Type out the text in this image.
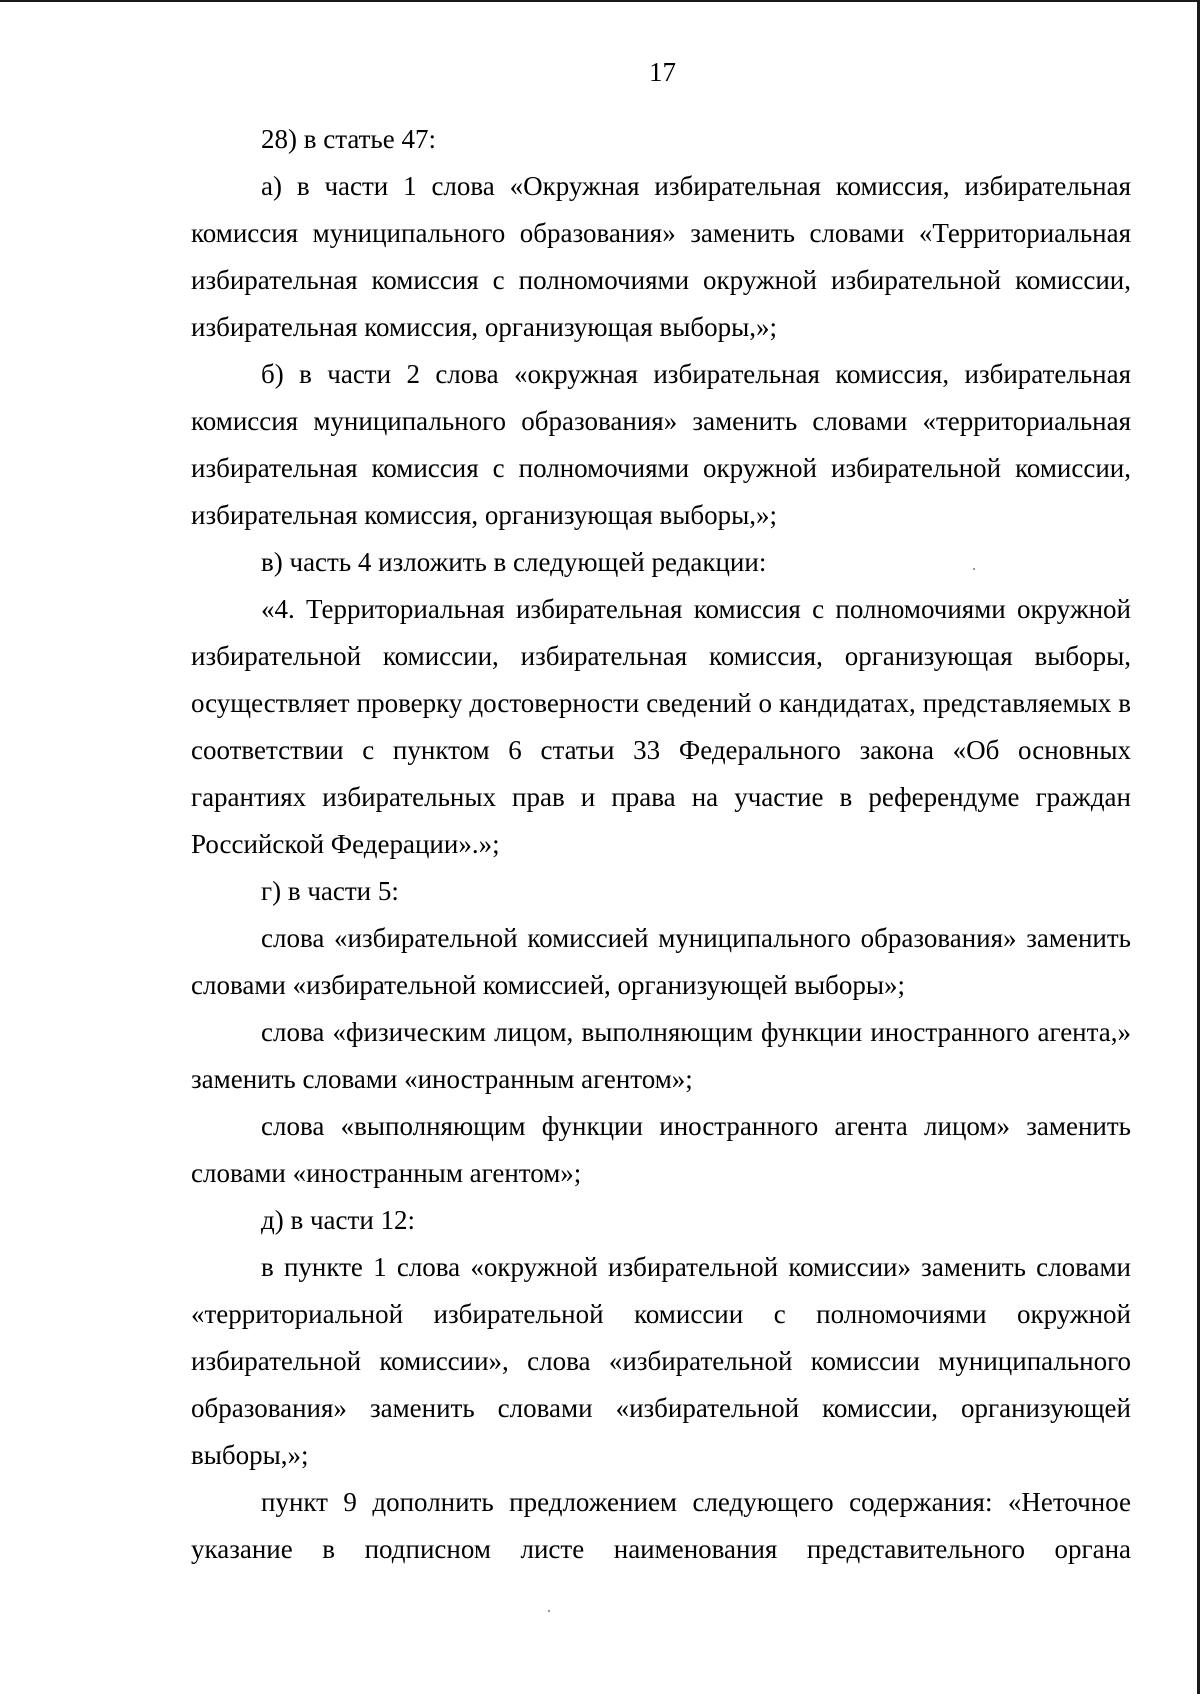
17

28) в статье 47:

а) в части 1 слова «Окружная избирательная комиссия, избирательная комиссия муниципального образования» заменить словами «Территориальная избирательная комиссия с полномочиями окружной избирательной комиссии, избирательная комиссия, организующая выборы,»;

б) в части 2 слова «окружная избирательная комиссия, избирательная комиссия муниципального образования» заменить словами «территориальная избирательная комиссия с полномочиями окружной избирательной комиссии, избирательная комиссия, организующая выборы,»;

в) часть 4 изложить в следующей редакции:

«4. Территориальная избирательная комиссия с полномочиями окружной избирательной комиссии, избирательная комиссия, организующая выборы, осуществляет проверку достоверности сведений о кандидатах, представляемых в соответствии с пунктом 6 статьи 33 Федерального закона «Об основных гарантиях избирательных прав и права на участие в референдуме граждан Российской Федерации».»;

г) в части 5:

слова «избирательной комиссией муниципального образования» заменить словами «избирательной комиссией, организующей выборы»;

слова «физическим лицом, выполняющим функции иностранного агента,» заменить словами «иностранным агентом»;

слова «выполняющим функции иностранного агента лицом» заменить словами «иностранным агентом»;

д) в части 12:

в пункте 1 слова «окружной избирательной комиссии» заменить словами «территориальной избирательной комиссии с полномочиями окружной избирательной комиссии», слова «избирательной комиссии муниципального образования» заменить словами «избирательной комиссии, организующей выборы,»;

пункт 9 дополнить предложением следующего содержания: «Неточное указание в подписном листе наименования представительного органа
